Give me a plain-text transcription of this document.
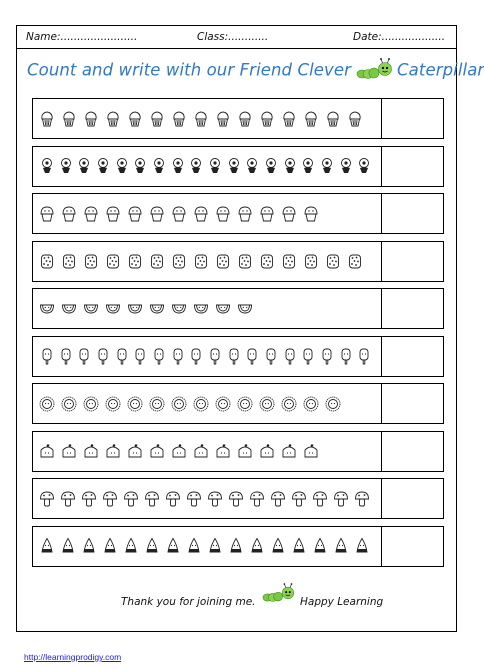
Name:.......................	Class:............	Date:...................
Count and write with our Friend Clever	Caterpillar
Thank you for joining me.	Happy Learning
http://learningprodigy.com
